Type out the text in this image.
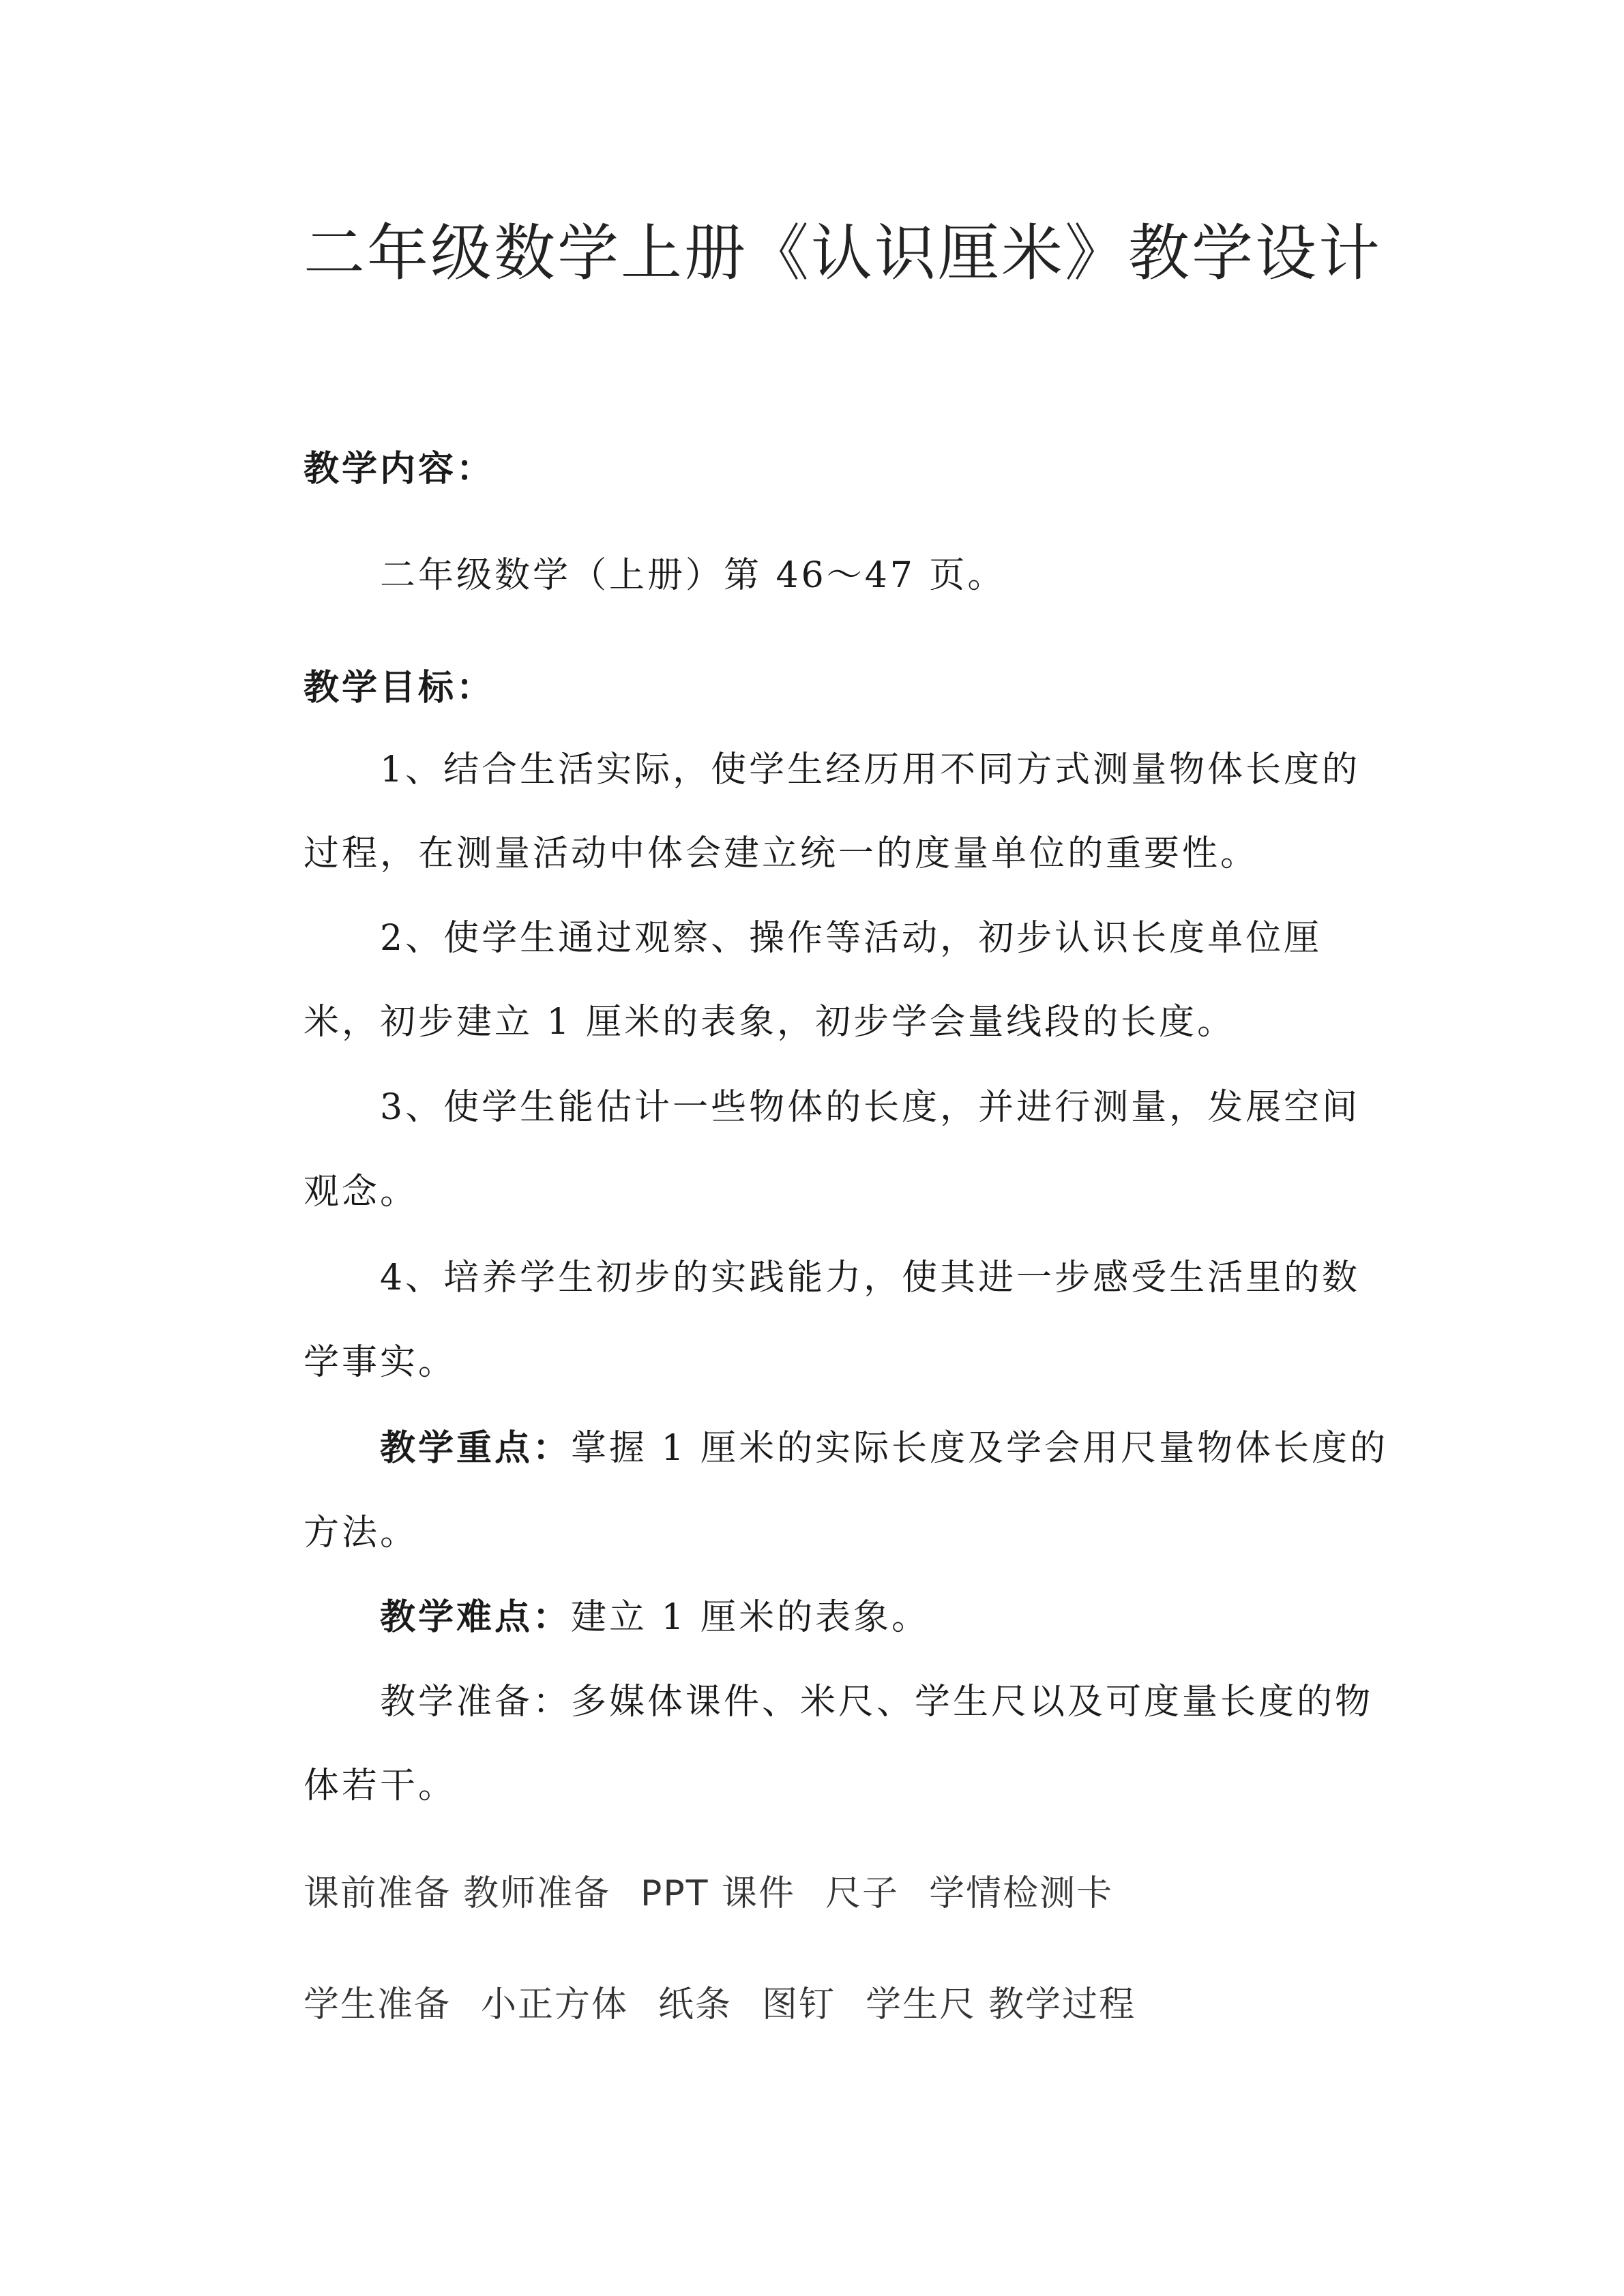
二年级数学上册《认识厘米》教学设计
教学内容：
二年级数学（上册）第 46～47 页。
教学目标：
1、结合生活实际，使学生经历用不同方式测量物体长度的
过程，在测量活动中体会建立统一的度量单位的重要性。
2、使学生通过观察、操作等活动，初步认识长度单位厘
米，初步建立 1 厘米的表象，初步学会量线段的长度。
3、使学生能估计一些物体的长度，并进行测量，发展空间
观念。
4、培养学生初步的实践能力，使其进一步感受生活里的数
学事实。
教学重点：掌握 1 厘米的实际长度及学会用尺量物体长度的
方法。
教学难点：建立 1 厘米的表象。
教学准备：多媒体课件、米尺、学生尺以及可度量长度的物
体若干。
课前准备 教师准备 PPT 课件 尺子 学情检测卡
学生准备 小正方体 纸条 图钉 学生尺 教学过程
